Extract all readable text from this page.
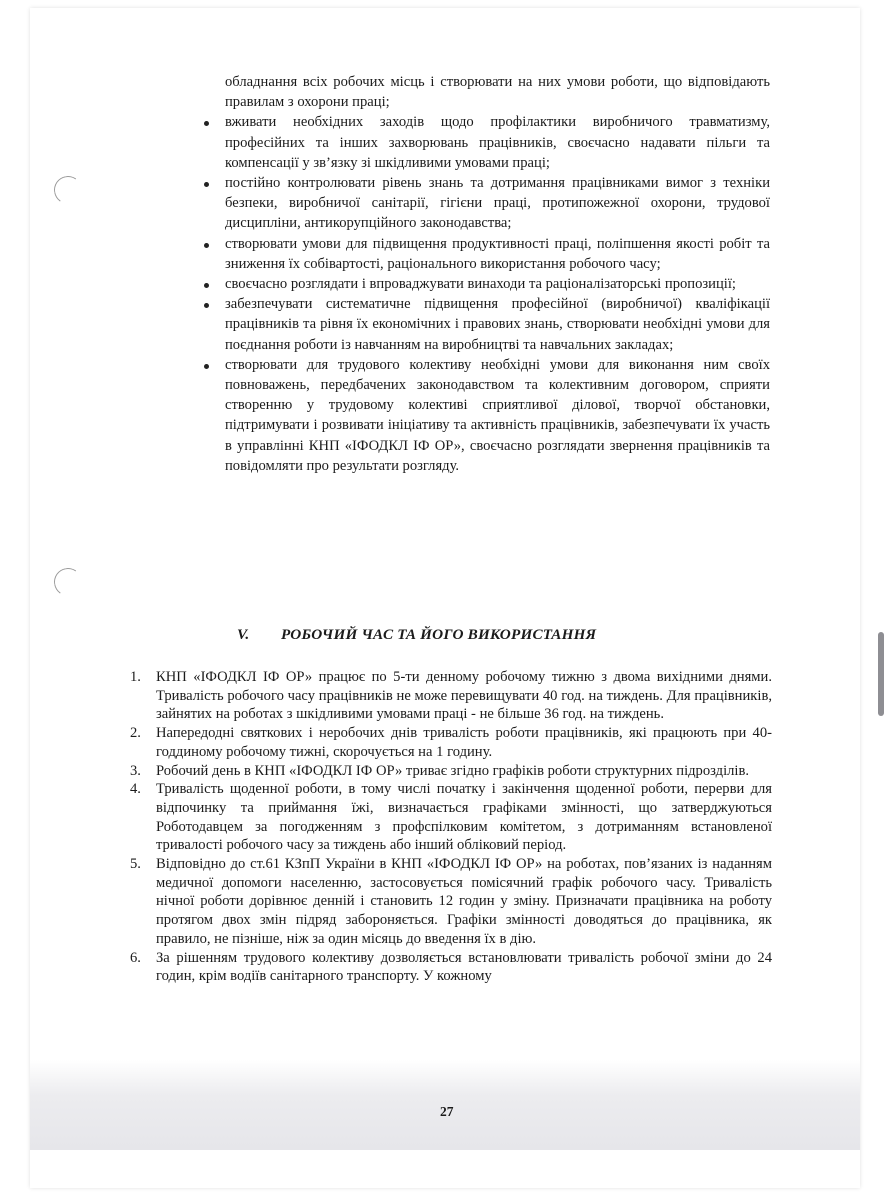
обладнання всіх робочих місць і створювати на них умови роботи, що відповідають правилам з охорони праці;
вживати необхідних заходів щодо профілактики виробничого травматизму, професійних та інших захворювань працівників, своєчасно надавати пільги та компенсації у зв’язку зі шкідливими умовами праці;
постійно контролювати рівень знань та дотримання працівниками вимог з техніки безпеки, виробничої санітарії, гігієни праці, протипожежної охорони, трудової дисципліни, антикорупційного законодавства;
створювати умови для підвищення продуктивності праці, поліпшення якості робіт та зниження їх собівартості, раціонального використання робочого часу;
своєчасно розглядати і впроваджувати винаходи та раціоналізаторські пропозиції;
забезпечувати систематичне підвищення професійної (виробничої) кваліфікації працівників та рівня їх економічних і правових знань, створювати необхідні умови для поєднання роботи із навчанням на виробництві та навчальних закладах;
створювати для трудового колективу необхідні умови для виконання ним своїх повноважень, передбачених законодавством та колективним договором, сприяти створенню у трудовому колективі сприятливої ділової, творчої обстановки, підтримувати і розвивати ініціативу та активність працівників, забезпечувати їх участь в управлінні КНП «ІФОДКЛ ІФ ОР», своєчасно розглядати звернення працівників та повідомляти про результати розгляду.
V. РОБОЧИЙ ЧАС ТА ЙОГО ВИКОРИСТАННЯ
1. КНП «ІФОДКЛ ІФ ОР» працює по 5-ти денному робочому тижню з двома вихідними днями. Тривалість робочого часу працівників не може перевищувати 40 год. на тиждень. Для працівників, зайнятих на роботах з шкідливими умовами праці - не більше 36 год. на тиждень.
2. Напередодні святкових і неробочих днів тривалість роботи працівників, які працюють при 40- годдиному робочому тижні, скорочується на 1 годину.
3. Робочий день в КНП «ІФОДКЛ ІФ ОР» триває згідно графіків роботи структурних підрозділів.
4. Тривалість щоденної роботи, в тому числі початку і закінчення щоденної роботи, перерви для відпочинку та приймання їжі, визначається графіками змінності, що затверджуються Роботодавцем за погодженням з профспілковим комітетом, з дотриманням встановленої тривалості робочого часу за тиждень або інший обліковий період.
5. Відповідно до ст.61 КЗпП України в КНП «ІФОДКЛ ІФ ОР» на роботах, пов’язаних із наданням медичної допомоги населенню, застосовується помісячний графік робочого часу. Тривалість нічної роботи дорівнює денній і становить 12 годин у зміну. Призначати працівника на роботу протягом двох змін підряд забороняється. Графіки змінності доводяться до працівника, як правило, не пізніше, ніж за один місяць до введення їх в дію.
6. За рішенням трудового колективу дозволяється встановлювати тривалість робочої зміни до 24 годин, крім водіїв санітарного транспорту. У кожному
27
